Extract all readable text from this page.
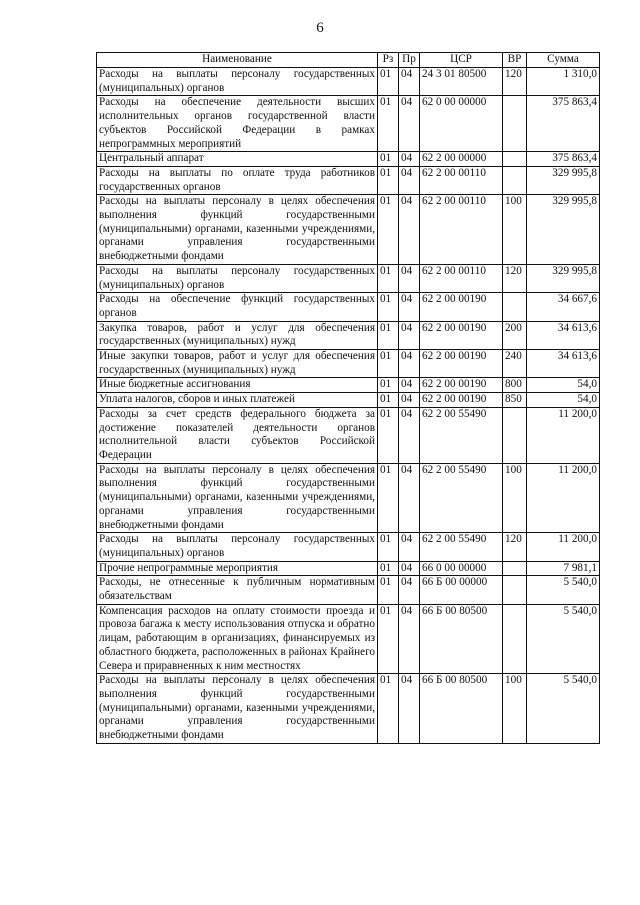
6
Наименование	Рз	Пр	ЦСР	ВР	Сумма
Расходы на выплаты персоналу государственных (муниципальных) органов	01	04	24 3 01 80500	120	1 310,0
Расходы на обеспечение деятельности высших исполнительных органов государственной власти субъектов Российской Федерации в рамках непрограммных мероприятий	01	04	62 0 00 00000		375 863,4
Центральный аппарат	01	04	62 2 00 00000		375 863,4
Расходы на выплаты по оплате труда работников государственных органов	01	04	62 2 00 00110		329 995,8
Расходы на выплаты персоналу в целях обеспечения выполнения функций государственными (муниципальными) органами, казенными учреждениями, органами управления государственными внебюджетными фондами	01	04	62 2 00 00110	100	329 995,8
Расходы на выплаты персоналу государственных (муниципальных) органов	01	04	62 2 00 00110	120	329 995,8
Расходы на обеспечение функций государственных органов	01	04	62 2 00 00190		34 667,6
Закупка товаров, работ и услуг для обеспечения государственных (муниципальных) нужд	01	04	62 2 00 00190	200	34 613,6
Иные закупки товаров, работ и услуг для обеспечения государственных (муниципальных) нужд	01	04	62 2 00 00190	240	34 613,6
Иные бюджетные ассигнования	01	04	62 2 00 00190	800	54,0
Уплата налогов, сборов и иных платежей	01	04	62 2 00 00190	850	54,0
Расходы за счет средств федерального бюджета за достижение показателей деятельности органов исполнительной власти субъектов Российской Федерации	01	04	62 2 00 55490		11 200,0
Расходы на выплаты персоналу в целях обеспечения выполнения функций государственными (муниципальными) органами, казенными учреждениями, органами управления государственными внебюджетными фондами	01	04	62 2 00 55490	100	11 200,0
Расходы на выплаты персоналу государственных (муниципальных) органов	01	04	62 2 00 55490	120	11 200,0
Прочие непрограммные мероприятия	01	04	66 0 00 00000		7 981,1
Расходы, не отнесенные к публичным нормативным обязательствам	01	04	66 Б 00 00000		5 540,0
Компенсация расходов на оплату стоимости проезда и провоза багажа к месту использования отпуска и обратно лицам, работающим в организациях, финансируемых из областного бюджета, расположенных в районах Крайнего Севера и приравненных к ним местностях	01	04	66 Б 00 80500		5 540,0
Расходы на выплаты персоналу в целях обеспечения выполнения функций государственными (муниципальными) органами, казенными учреждениями, органами управления государственными внебюджетными фондами	01	04	66 Б 00 80500	100	5 540,0
